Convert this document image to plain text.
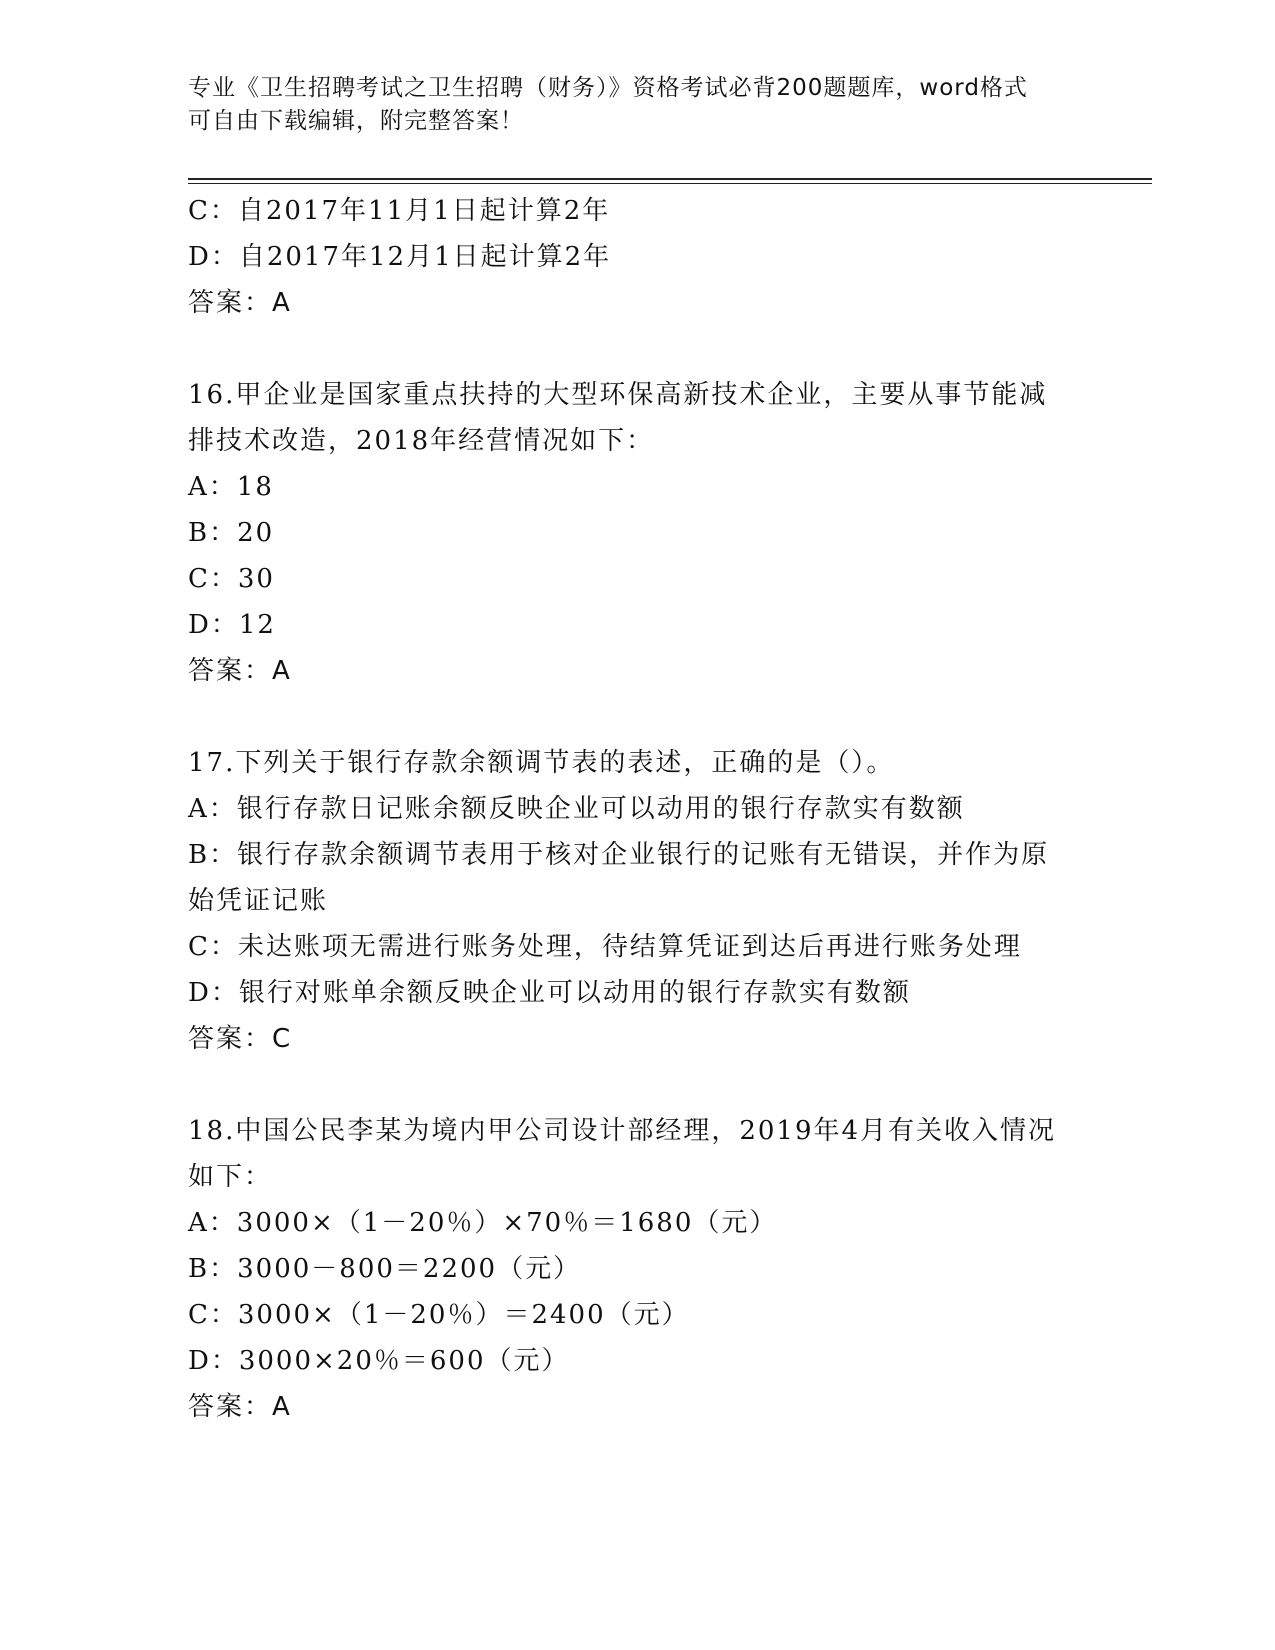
专业《卫生招聘考试之卫生招聘（财务）》资格考试必背200题题库，word格式
可自由下载编辑，附完整答案！
C：自2017年11月1日起计算2年
D：自2017年12月1日起计算2年
答案：A
16.甲企业是国家重点扶持的大型环保高新技术企业，主要从事节能减
排技术改造，2018年经营情况如下：
A：18
B：20
C：30
D：12
答案：A
17.下列关于银行存款余额调节表的表述，正确的是（）。
A：银行存款日记账余额反映企业可以动用的银行存款实有数额
B：银行存款余额调节表用于核对企业银行的记账有无错误，并作为原
始凭证记账
C：未达账项无需进行账务处理，待结算凭证到达后再进行账务处理
D：银行对账单余额反映企业可以动用的银行存款实有数额
答案：C
18.中国公民李某为境内甲公司设计部经理，2019年4月有关收入情况
如下：
A：3000×（1－20％）×70％＝1680（元）
B：3000－800＝2200（元）
C：3000×（1－20％）＝2400（元）
D：3000×20％＝600（元）
答案：A
